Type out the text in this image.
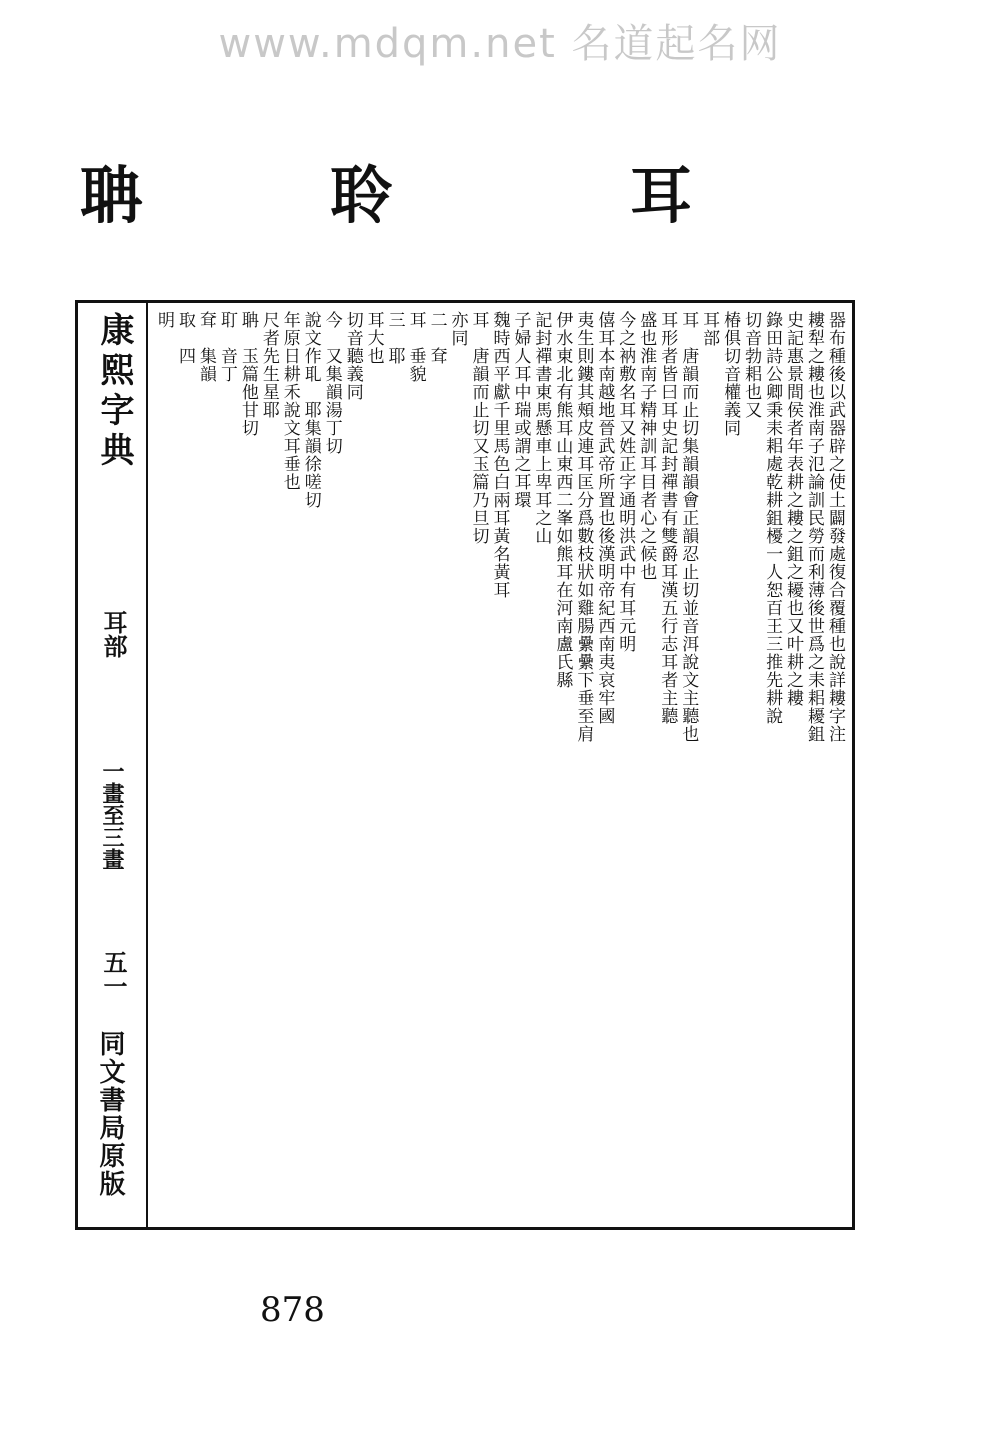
www.mdqm.net 名道起名网
聃	聆	耳
康熙字典
耳部
一畫至三畫
五一
同文書局原版
器布種後以武器辟之使土闢發處復合覆種也說詳耬字注
耬犁之耬也淮南子氾論訓民勞而利薄後世爲之耒耜耰鉏
史記惠景間侯者年表耕之耬之鉏之耰也又叶耕之耬
錄田詩公卿秉耒耜處乾耕鉏櫌一人恕百王三推先耕說
切音勃耜也又
椿俱切音權義同
耳部
耳　唐韻而止切集韻韻會正韻忍止切並音洱說文主聽也
耳形者皆曰耳史記封禪書有雙爵耳漢五行志耳者主聽
盛也淮南子精神訓耳目者心之候也
今之衲敷名耳又姓正字通明洪武中有耳元明
僖耳本南越地晉武帝所置也後漢明帝紀西南夷哀牢國
夷生則鏤其頰皮連耳匡分爲數枝狀如雞腸纍纍下垂至肩
伊水東北有熊耳山東西二峯如熊耳在河南盧氏縣
記封禪書東馬懸車上卑耳之山
子婦人耳中瑞或謂之耳環
魏時西平獻千里馬色白兩耳黃名黃耳
耳　唐韻而止切又玉篇乃旦切
亦同
二　耷
耳　垂貌
三　耶
耳大也
切音聽義同
今　又集韻湯丁切
說文作耴　耶集韻徐嗟切
年原日耕禾說文耳垂也
尺者先生星耶
聃　玉篇他甘切
耵　音丁
耷　集韻
取　四
明
878
